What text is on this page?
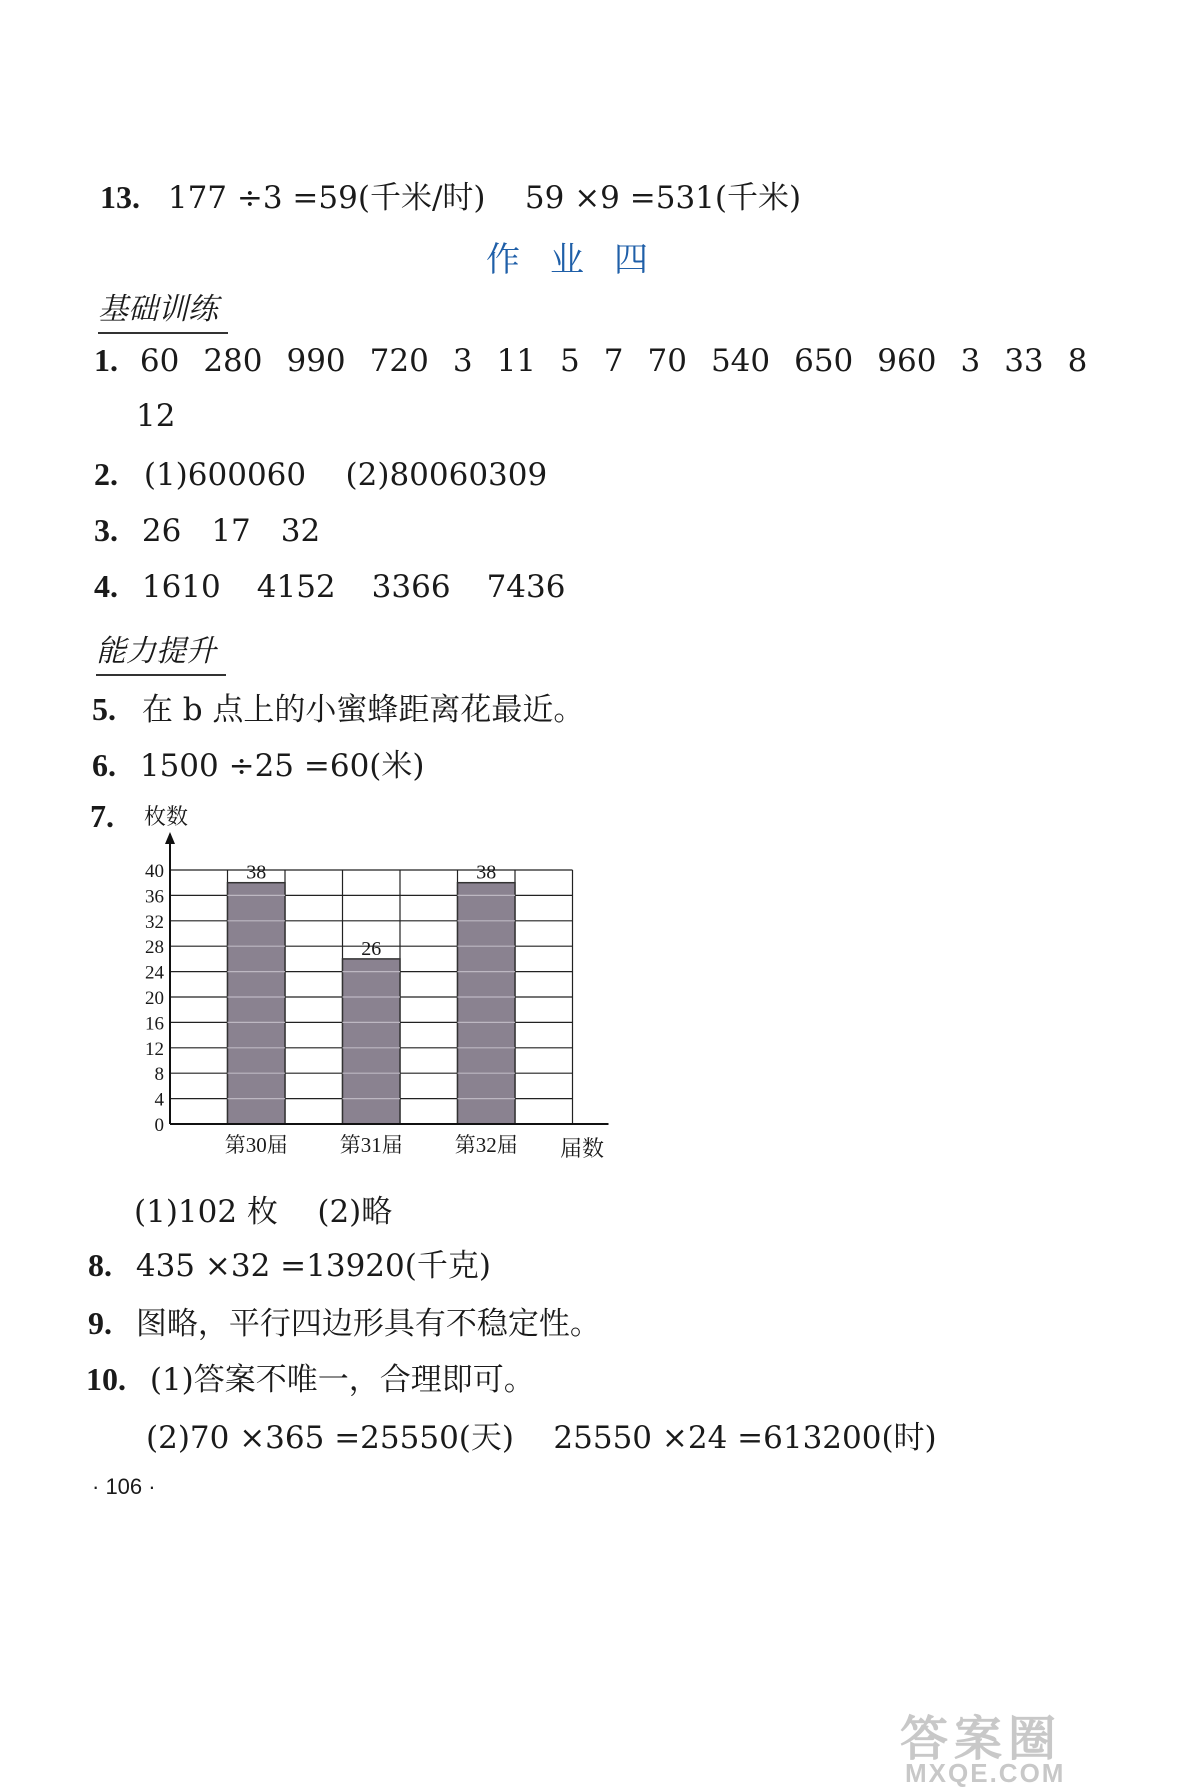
13. 177 ÷3 =59(千米/时)    59 ×9 =531(千米)
作业四
基础训练
1. 60 280 990 720 3 11 5 7 70 540 650 960 3 33 8
12
2. (1)600060    (2)80060309
3. 26 17 32
4. 1610 4152 3366 7436
能力提升
5. 在 b 点上的小蜜蜂距离花最近。
6. 1500 ÷25 =60(米)
7. 枚数
届数
0
4
8
12
16
20
24
28
32
36
40	38
第30届
26
第31届
38
第32届
(1)102 枚    (2)略
8. 435 ×32 =13920(千克)
9. 图略，平行四边形具有不稳定性。
10. (1)答案不唯一，合理即可。
(2)70 ×365 =25550(天)    25550 ×24 =613200(时)
· 106 ·
答案圈
MXQE.COM
